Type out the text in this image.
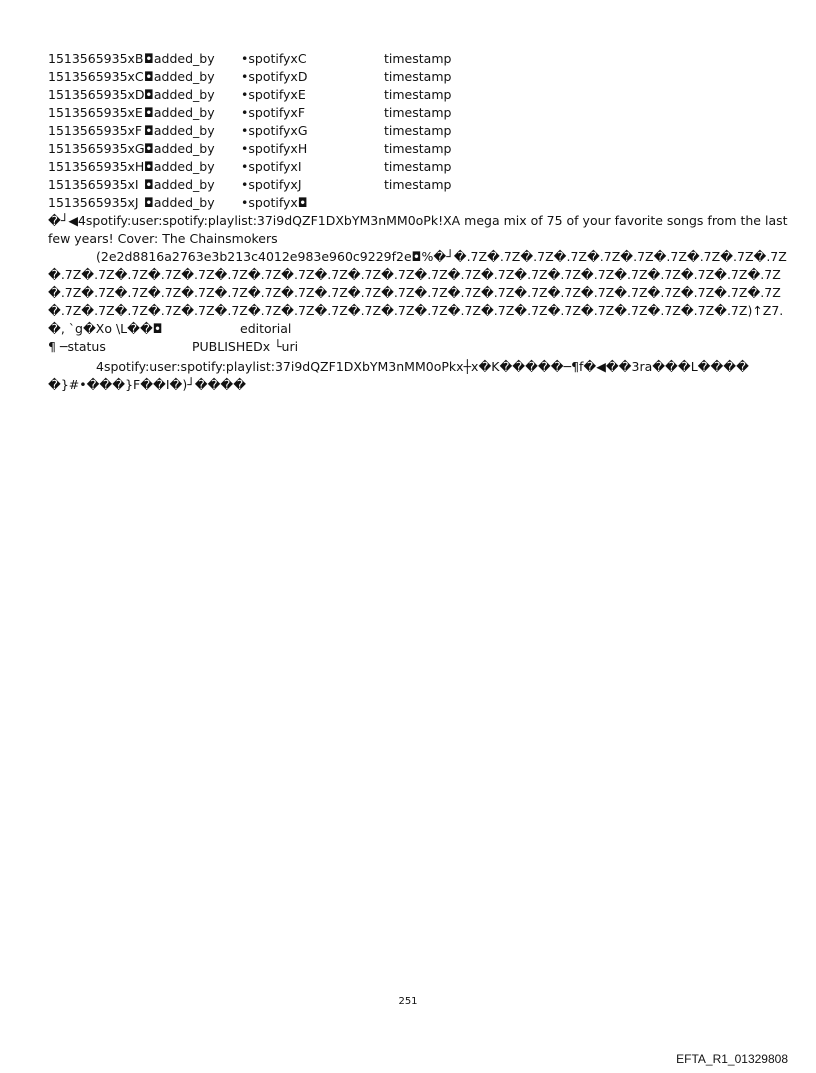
1513565935xB ◘added_by •spotifyxC	timestamp
1513565935xC ◘added_by •spotifyxD	timestamp
1513565935xD ◘added_by •spotifyxE	timestamp
1513565935xE ◘added_by •spotifyxF	timestamp
1513565935xF ◘added_by •spotifyxG	timestamp
1513565935xG ◘added_by •spotifyxH	timestamp
1513565935xH ◘added_by •spotifyxI	timestamp
1513565935xI ◘added_by •spotifyxJ	timestamp
1513565935xJ ◘added_by •spotifyx◘
�┘◀4spotify:user:spotify:playlist:37i9dQZF1DXbYM3nMM0oPk!XA mega mix of 75 of your favorite songs from the last
few years! Cover: The Chainsmokers
(2e2d8816a2763e3b213c4012e983e960c9229f2e◘%�┘�.7Z�.7Z�.7Z�.7Z�.7Z�.7Z�.7Z�.7Z�.7Z�.7Z
�.7Z�.7Z�.7Z�.7Z�.7Z�.7Z�.7Z�.7Z�.7Z�.7Z�.7Z�.7Z�.7Z�.7Z�.7Z�.7Z�.7Z�.7Z�.7Z�.7Z�.7Z�.7Z
�.7Z�.7Z�.7Z�.7Z�.7Z�.7Z�.7Z�.7Z�.7Z�.7Z�.7Z�.7Z�.7Z�.7Z�.7Z�.7Z�.7Z�.7Z�.7Z�.7Z�.7Z�.7Z
�.7Z�.7Z�.7Z�.7Z�.7Z�.7Z�.7Z�.7Z�.7Z�.7Z�.7Z�.7Z�.7Z�.7Z�.7Z�.7Z�.7Z�.7Z�.7Z�.7Z�.7Z)↑Z7.
�, `g�Xo \L��◘	editorial
¶ ─status	PUBLISHEDx └uri
4spotify:user:spotify:playlist:37i9dQZF1DXbYM3nMM0oPkx┼x�K�����─¶f�◀��3ra���L����
�}#•���}F��I�)┘����
251
EFTA_R1_01329808
